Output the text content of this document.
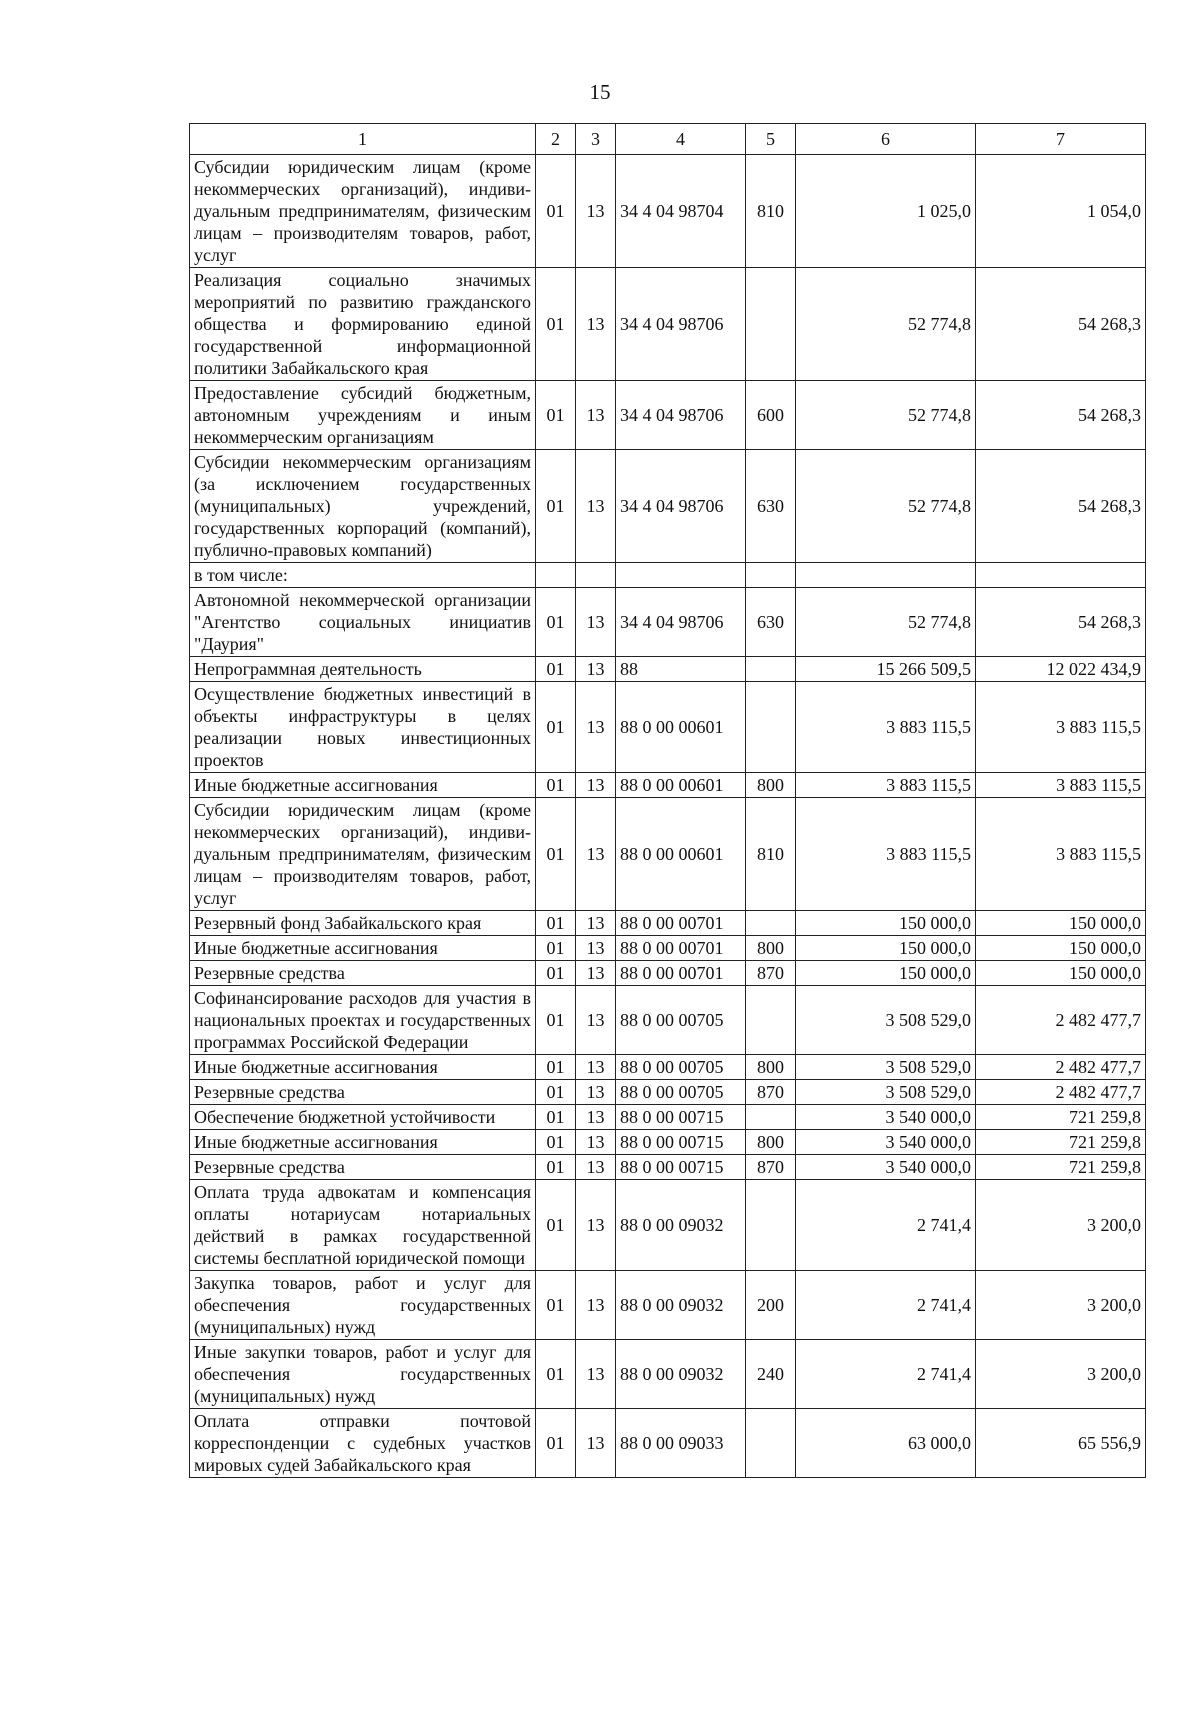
15
1	2	3	4	5	6	7
Субсидии юридическим лицам (кроме некоммерческих организаций), индиви-дуальным предпринимателям, физическим лицам – производителям товаров, работ, услуг	01	13	34 4 04 98704	810	1 025,0	1 054,0
Реализация социально значимых мероприятий по развитию гражданского общества и формированию единой государственной информационной политики Забайкальского края	01	13	34 4 04 98706		52 774,8	54 268,3
Предоставление субсидий бюджетным, автономным учреждениям и иным некоммерческим организациям	01	13	34 4 04 98706	600	52 774,8	54 268,3
Субсидии некоммерческим организациям (за исключением государственных (муниципальных) учреждений, государственных корпораций (компаний), публично-правовых компаний)	01	13	34 4 04 98706	630	52 774,8	54 268,3
в том числе:						
Автономной некоммерческой организации "Агентство социальных инициатив "Даурия"	01	13	34 4 04 98706	630	52 774,8	54 268,3
Непрограммная деятельность	01	13	88		15 266 509,5	12 022 434,9
Осуществление бюджетных инвестиций в объекты инфраструктуры в целях реализации новых инвестиционных проектов	01	13	88 0 00 00601		3 883 115,5	3 883 115,5
Иные бюджетные ассигнования	01	13	88 0 00 00601	800	3 883 115,5	3 883 115,5
Субсидии юридическим лицам (кроме некоммерческих организаций), индиви-дуальным предпринимателям, физическим лицам – производителям товаров, работ, услуг	01	13	88 0 00 00601	810	3 883 115,5	3 883 115,5
Резервный фонд Забайкальского края	01	13	88 0 00 00701		150 000,0	150 000,0
Иные бюджетные ассигнования	01	13	88 0 00 00701	800	150 000,0	150 000,0
Резервные средства	01	13	88 0 00 00701	870	150 000,0	150 000,0
Софинансирование расходов для участия в национальных проектах и государственных программах Российской Федерации	01	13	88 0 00 00705		3 508 529,0	2 482 477,7
Иные бюджетные ассигнования	01	13	88 0 00 00705	800	3 508 529,0	2 482 477,7
Резервные средства	01	13	88 0 00 00705	870	3 508 529,0	2 482 477,7
Обеспечение бюджетной устойчивости	01	13	88 0 00 00715		3 540 000,0	721 259,8
Иные бюджетные ассигнования	01	13	88 0 00 00715	800	3 540 000,0	721 259,8
Резервные средства	01	13	88 0 00 00715	870	3 540 000,0	721 259,8
Оплата труда адвокатам и компенсация оплаты нотариусам нотариальных действий в рамках государственной системы бесплатной юридической помощи	01	13	88 0 00 09032		2 741,4	3 200,0
Закупка товаров, работ и услуг для обеспечения государственных (муниципальных) нужд	01	13	88 0 00 09032	200	2 741,4	3 200,0
Иные закупки товаров, работ и услуг для обеспечения государственных (муниципальных) нужд	01	13	88 0 00 09032	240	2 741,4	3 200,0
Оплата отправки почтовой корреспонденции с судебных участков мировых судей Забайкальского края	01	13	88 0 00 09033		63 000,0	65 556,9
